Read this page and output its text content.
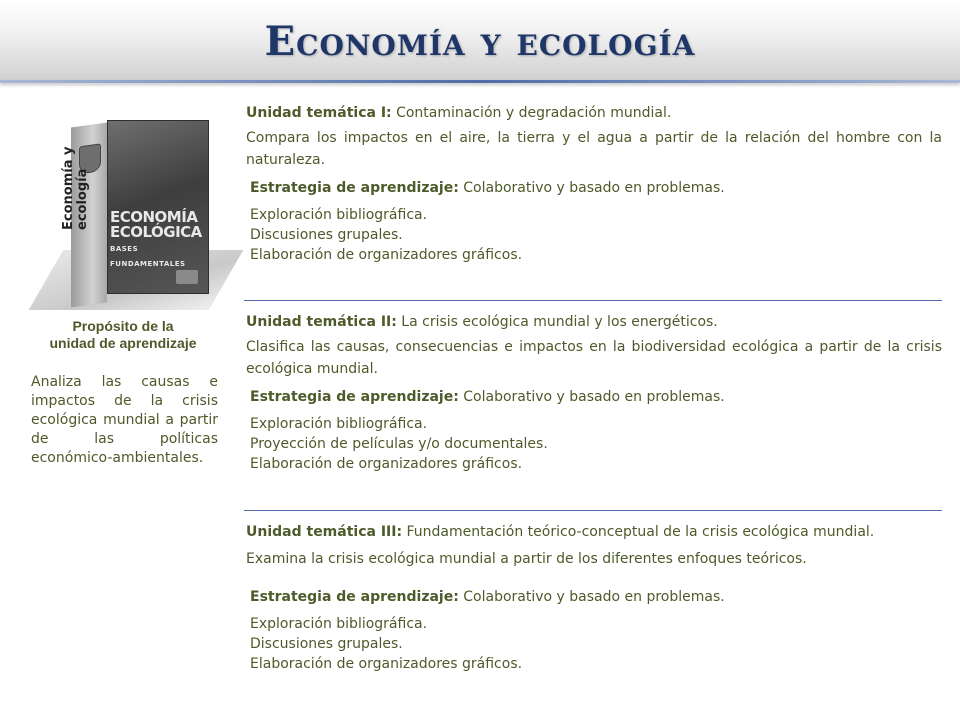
Economía y ecología
Economía y
ecología ECONOMÍA
ECOLÓGICA
BASES FUNDAMENTALES
Propósito de la
unidad de aprendizaje
Analiza las causas e impactos de la crisis ecológica mundial a partir de las políticas económico-ambientales.

Unidad temática I: Contaminación y degradación mundial.

Compara los impactos en el aire, la tierra y el agua a partir de la relación del hombre con la naturaleza.

Estrategia de aprendizaje: Colaborativo y basado en problemas.

Exploración bibliográfica.
Discusiones grupales.
Elaboración de organizadores gráficos.

Unidad temática II: La crisis ecológica mundial y los energéticos.

Clasifica las causas, consecuencias e impactos en la biodiversidad ecológica a partir de la crisis ecológica mundial.

Estrategia de aprendizaje: Colaborativo y basado en problemas.

Exploración bibliográfica.
Proyección de películas y/o documentales.
Elaboración de organizadores gráficos.

Unidad temática III: Fundamentación teórico-conceptual de la crisis ecológica mundial.

Examina la crisis ecológica mundial a partir de los diferentes enfoques teóricos.

Estrategia de aprendizaje: Colaborativo y basado en problemas.

Exploración bibliográfica.
Discusiones grupales.
Elaboración de organizadores gráficos.
